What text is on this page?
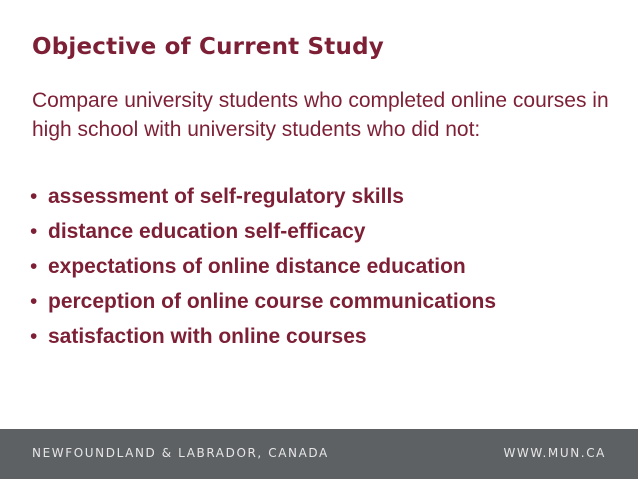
Objective of Current Study

Compare university students who completed online courses in high school with university students who did not:

• assessment of self-regulatory skills
• distance education self-efficacy
• expectations of online distance education
• perception of online course communications
• satisfaction with online courses
NEWFOUNDLAND & LABRADOR, CANADA	WWW.MUN.CA
